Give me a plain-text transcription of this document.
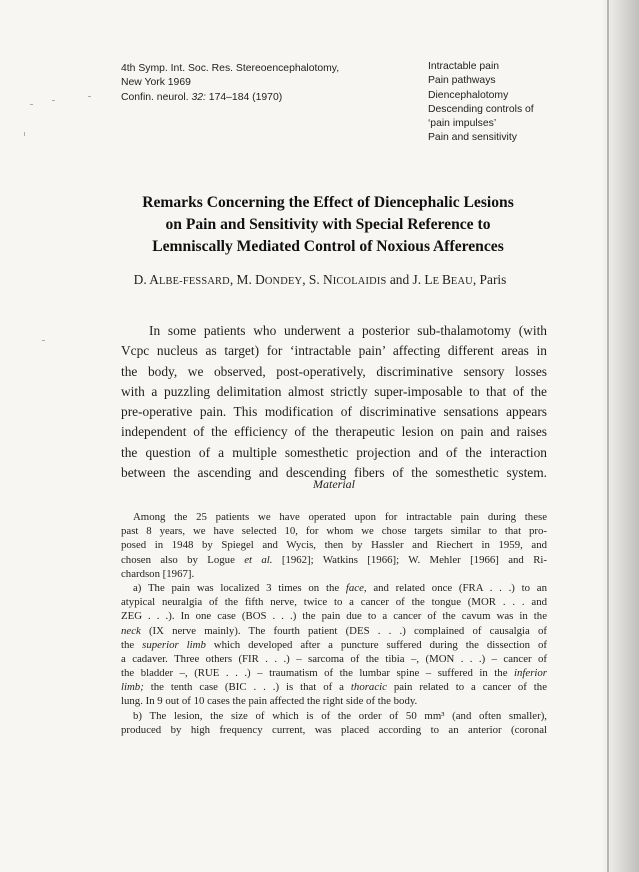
4th Symp. Int. Soc. Res. Stereoencephalotomy,
New York 1969
Confin. neurol. 32: 174–184 (1970)
Intractable pain
Pain pathways
Diencephalotomy
Descending controls of
‘pain impulses’
Pain and sensitivity
Remarks Concerning the Effect of Diencephalic Lesions
on Pain and Sensitivity with Special Reference to
Lemniscally Mediated Control of Noxious Afferences
D. ALBE-FESSARD, M. DONDEY, S. NICOLAIDIS and J. LE BEAU, Paris
In some patients who underwent a posterior sub-thalamotomy (with
Vcpc nucleus as target) for ‘intractable pain’ affecting different areas in
the body, we observed, post-operatively, discriminative sensory losses
with a puzzling delimitation almost strictly super-imposable to that of the
pre-operative pain. This modification of discriminative sensations appears
independent of the efficiency of the therapeutic lesion on pain and raises
the question of a multiple somesthetic projection and of the interaction
between the ascending and descending fibers of the somesthetic system.
Material
Among the 25 patients we have operated upon for intractable pain during these
past 8 years, we have selected 10, for whom we chose targets similar to that pro-
posed in 1948 by Spiegel and Wycis, then by Hassler and Riechert in 1959, and
chosen also by Logue et al. [1962]; Watkins [1966]; W. Mehler [1966] and Ri-
chardson [1967].
a) The pain was localized 3 times on the face, and related once (FRA . . .) to an
atypical neuralgia of the fifth nerve, twice to a cancer of the tongue (MOR . . . and
ZEG . . .). In one case (BOS . . .) the pain due to a cancer of the cavum was in the
neck (IX nerve mainly). The fourth patient (DES . . .) complained of causalgia of
the superior limb which developed after a puncture suffered during the dissection of
a cadaver. Three others (FIR . . .) – sarcoma of the tibia –, (MON . . .) – cancer of
the bladder –, (RUE . . .) – traumatism of the lumbar spine – suffered in the inferior
limb; the tenth case (BIC . . .) is that of a thoracic pain related to a cancer of the
lung. In 9 out of 10 cases the pain affected the right side of the body.
b) The lesion, the size of which is of the order of 50 mm³ (and often smaller),
produced by high frequency current, was placed according to an anterior (coronal
